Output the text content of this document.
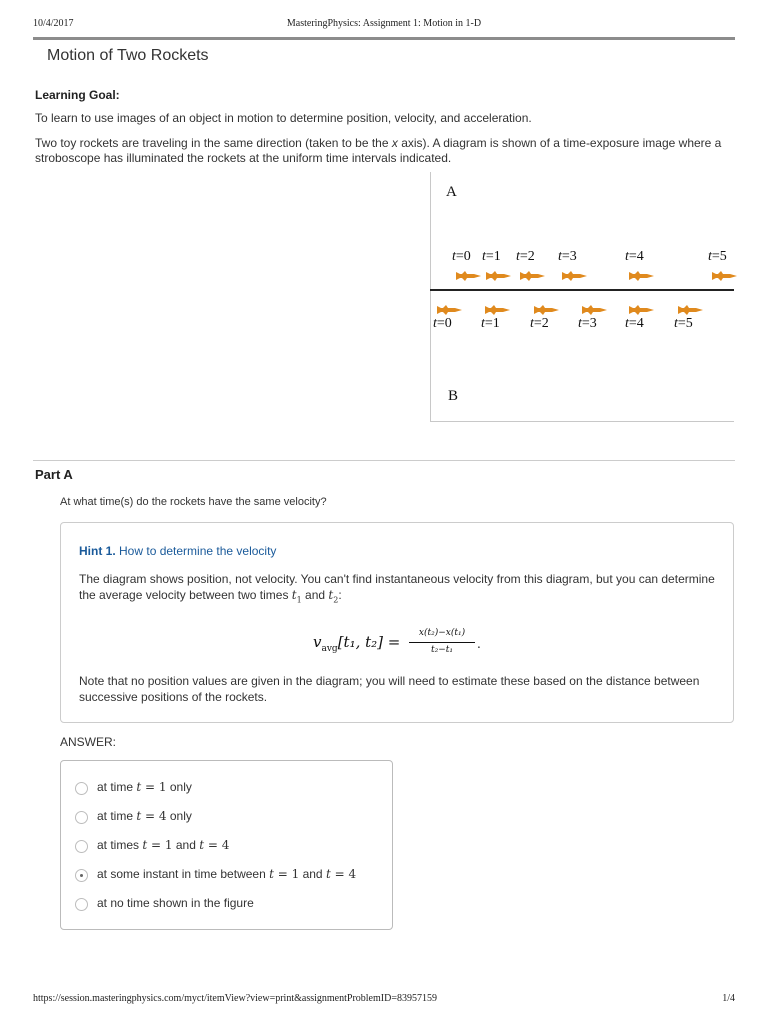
10/4/2017	MasteringPhysics: Assignment 1: Motion in 1-D
Motion of Two Rockets
Learning Goal:
To learn to use images of an object in motion to determine position, velocity, and acceleration.
Two toy rockets are traveling in the same direction (taken to be the x axis). A diagram is shown of a time-exposure image where a stroboscope has illuminated the rockets at the uniform time intervals indicated.
A
B
t=0 t=1 t=2 t=3	t=4	t=5
t=0 t=1 t=2 t=3 t=4 t=5
Part A
At what time(s) do the rockets have the same velocity?
Hint 1. How to determine the velocity
The diagram shows position, not velocity. You can't find instantaneous velocity from this diagram, but you can determine the average velocity between two times $t_1$ and $t_2$:
$v_{avg}[t_1$, t₂] =	x(t₂)−x(t₁)
t₂−t₁	.
Note that no position values are given in the diagram; you will need to estimate these based on the distance between successive positions of the rockets.
ANSWER:
at time t = 1 only
at time t = 4 only
at times t = 1 and t = 4
at some instant in time between t = 1 and t = 4
at no time shown in the figure
https://session.masteringphysics.com/myct/itemView?view=print&assignmentProblemID=83957159	1/4
